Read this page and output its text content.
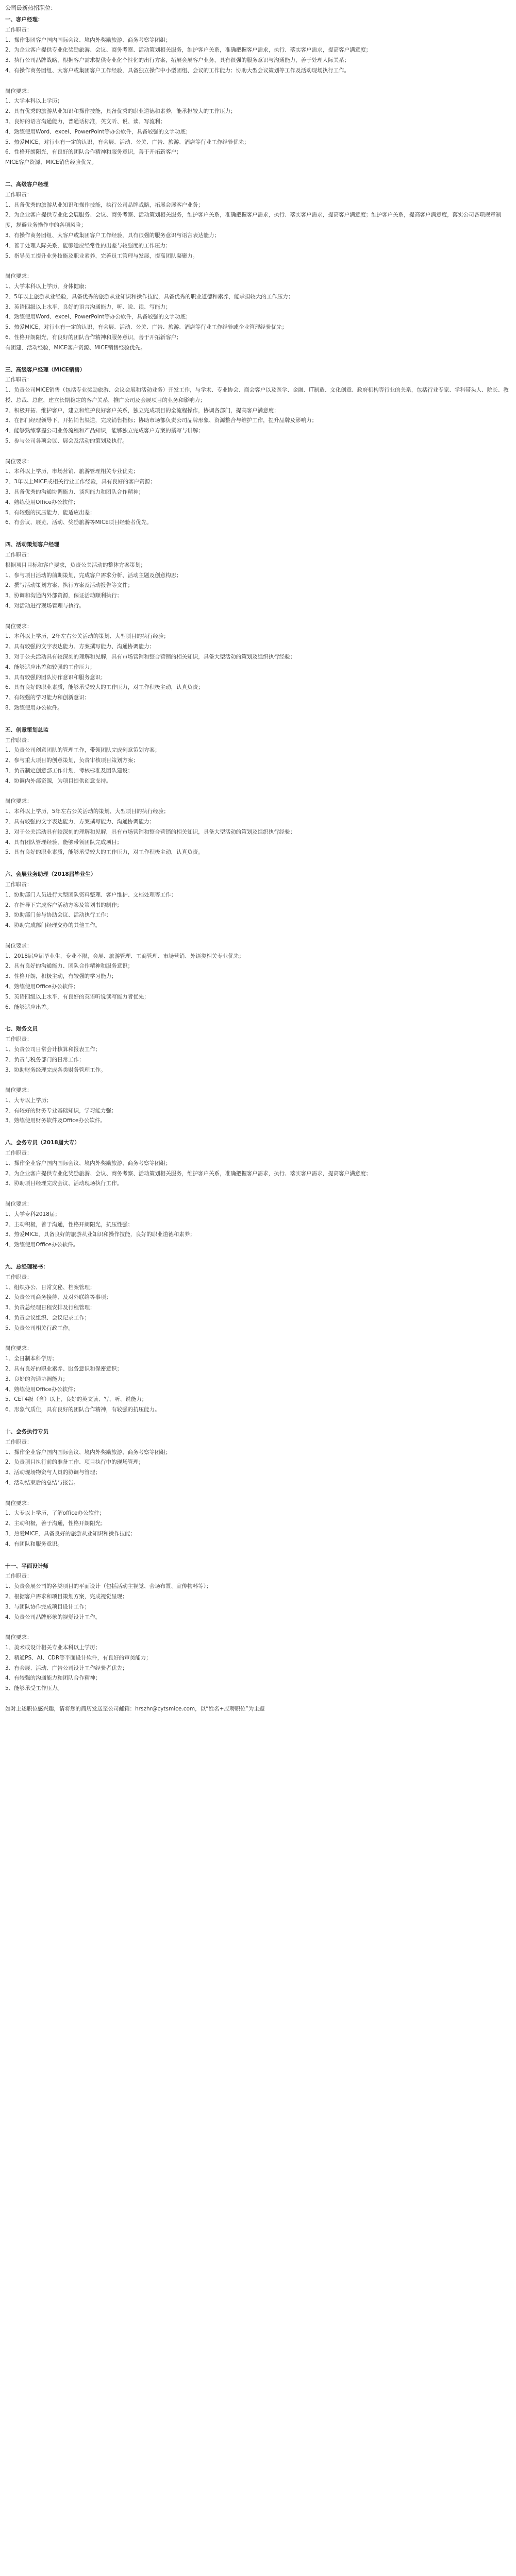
公司最新热招职位：
一、客户经理：
工作职责：
1、操作集团客户国内国际会议、境内外奖励旅游、商务考察等团组；
2、为企业客户提供专业化奖励旅游、会议、商务考察、活动策划相关服务，维护客户关系，准确把握客户需求，执行、落实客户需求，提高客户满意度；
3、执行公司品牌战略，根据客户需求提供专业化个性化的出行方案，拓展会展客户业务，具有很强的服务意识与沟通能力，善于处理人际关系；
4、有操作商务团组、大客户或集团客户工作经验，具备独立操作中小型团组、会议的工作能力；协助大型会议策划等工作及活动现场执行工作。
岗位要求：
1、大学本科以上学历；
2、具有优秀的旅游从业知识和操作技能，具备优秀的职业道德和素养，能承担较大的工作压力；
3、良好的语言沟通能力，普通话标准，英文听、说、读、写流利；
4、熟练使用Word、excel、PowerPoint等办公软件，具备较强的文字功底；
5、热爱MICE，对行业有一定的认识，有会展、活动、公关、广告、旅游、酒店等行业工作经验优先；
6、性格开朗阳光，有良好的团队合作精神和服务意识，善于开拓新客户；
MICE客户资源、MICE销售经验优先。
二、高级客户经理
工作职责：
1、具备优秀的旅游从业知识和操作技能，执行公司品牌战略，拓展会展客户业务；
2、为企业客户提供专业化会展服务、会议、商务考察、活动策划相关服务，维护客户关系，准确把握客户需求，执行、落实客户需求，提高客户满意度；维护客户关系，提高客户满意度，落实公司各项规章制度，规避业务操作中的各项风险；
3、有操作商务团组、大客户或集团客户工作经验，具有很强的服务意识与语言表达能力；
4、善于处理人际关系，能够适应经常性的出差与较强度的工作压力；
5、指导员工提升业务技能及职业素养，完善员工管理与发展，提高团队凝聚力。
岗位要求：
1、大学本科以上学历，身体健康；
2、5年以上旅游从业经验，具备优秀的旅游从业知识和操作技能，具备优秀的职业道德和素养，能承担较大的工作压力；
3、英语四级以上水平，良好的语言沟通能力，听、说、读、写能力；
4、熟练使用Word、excel、PowerPoint等办公软件，具备较强的文字功底；
5、热爱MICE，对行业有一定的认识，有会展、活动、公关、广告、旅游、酒店等行业工作经验或企业管理经验优先；
6、性格开朗阳光，有良好的团队合作精神和服务意识，善于开拓新客户；
有团建、活动经验，MICE客户资源、MICE销售经验优先。
三、高级客户经理（MICE销售）
工作职责：
1、负责公司MICE销售（包括专业奖励旅游、会议会展和活动业务）开发工作，与学术、专业协会、商会客户以及医学、金融、IT制造、文化创意、政府机构等行业的关系，包括行业专家、学科带头人、院长、教授、总裁、总监，建立长期稳定的客户关系，推广公司及会展项目的业务和影响力；
2、积极开拓、维护客户，建立和维护良好客户关系，独立完成项目的全流程操作，协调各部门，提高客户满意度；
3、在部门经理领导下，开拓销售渠道，完成销售指标；协助市场部负责公司品牌形象、资源整合与维护工作，提升品牌及影响力；
4、能够熟练掌握公司业务流程和产品知识，能够独立完成客户方案的撰写与讲解；
5、参与公司各项会议、展会及活动的策划及执行。
岗位要求：
1、本科以上学历，市场营销、旅游管理相关专业优先；
2、3年以上MICE或相关行业工作经验，具有良好的客户资源；
3、具备优秀的沟通协调能力、谈判能力和团队合作精神；
4、熟练使用Office办公软件；
5、有较强的抗压能力，能适应出差；
6、有会议、展览、活动、奖励旅游等MICE项目经验者优先。
四、活动策划客户经理
工作职责：
根据项目目标和客户要求，负责公关活动的整体方案策划；
1、参与项目活动的前期策划，完成客户需求分析、活动主题及创意构思；
2、撰写活动策划方案、执行方案及活动报告等文件；
3、协调和沟通内外部资源，保证活动顺利执行；
4、对活动进行现场管理与执行。
岗位要求：
1、本科以上学历，2年左右公关活动的策划、大型项目的执行经验；
2、具有较强的文字表达能力、方案撰写能力、沟通协调能力；
3、对于公关活动具有较深刻的理解和见解，具有市场营销和整合营销的相关知识，具备大型活动的策划及组织执行经验；
4、能够适应出差和较强的工作压力；
5、具有较强的团队协作意识和服务意识；
6、具有良好的职业素质，能够承受较大的工作压力，对工作积极主动，认真负责；
7、有较强的学习能力和创新意识；
8、熟练使用办公软件。
五、创意策划总监
工作职责：
1、负责公司创意团队的管理工作，带领团队完成创意策划方案；
2、参与重大项目的创意策划，负责审核项目策划方案；
3、负责制定创意部工作计划、考核标准及团队建设；
4、协调内外部资源，为项目提供创意支持。
岗位要求：
1、本科以上学历，5年左右公关活动的策划、大型项目的执行经验；
2、具有较强的文字表达能力、方案撰写能力、沟通协调能力；
3、对于公关活动具有较深刻的理解和见解，具有市场营销和整合营销的相关知识，具备大型活动的策划及组织执行经验；
4、具有团队管理经验，能够带领团队完成项目；
5、具有良好的职业素质，能够承受较大的工作压力，对工作积极主动，认真负责。
六、会展业务助理（2018届毕业生）
工作职责：
1、协助部门人员进行大型团队资料整理、客户维护、文档处理等工作；
2、在指导下完成客户活动方案及策划书的制作；
3、协助部门参与协助会议、活动执行工作；
4、协助完成部门经理交办的其他工作。
岗位要求：
1、2018届应届毕业生，专业不限，会展、旅游管理、工商管理、市场营销、外语类相关专业优先；
2、具有良好的沟通能力、团队合作精神和服务意识；
3、性格开朗，积极主动，有较强的学习能力；
4、熟练使用Office办公软件；
5、英语四级以上水平，有良好的英语听说读写能力者优先；
6、能够适应出差。
七、财务文员
工作职责：
1、负责公司日常会计核算和报表工作；
2、负责与税务部门的日常工作；
3、协助财务经理完成各类财务管理工作。
岗位要求：
1、大专以上学历；
2、有较好的财务专业基础知识，学习能力强；
3、熟练使用财务软件及Office办公软件。
八、会务专员（2018届大专）
工作职责：
1、操作企业客户国内国际会议、境内外奖励旅游、商务考察等团组；
2、为企业客户提供专业化奖励旅游、会议、商务考察、活动策划相关服务，维护客户关系，准确把握客户需求，执行、落实客户需求，提高客户满意度；
3、协助项目经理完成会议、活动现场执行工作。
岗位要求：
1、大学专科2018届；
2、主动积极，善于沟通，性格开朗阳光，抗压性强；
3、热爱MICE，具备良好的旅游从业知识和操作技能，良好的职业道德和素养；
4、熟练使用Office办公软件。
九、总经理秘书：
工作职责：
1、组织办公、日常文秘、档案管理；
2、负责公司商务接待、及对外联络等事项；
3、负责总经理日程安排及行程管理；
4、负责会议组织、会议记录工作；
5、负责公司相关行政工作。
岗位要求：
1、全日制本科学历；
2、具有良好的职业素养、服务意识和保密意识；
3、良好的沟通协调能力；
4、熟练使用Office办公软件；
5、CET4级（含）以上，良好的英文读、写、听、说能力；
6、形象气质佳，具有良好的团队合作精神，有较强的抗压能力。
十、会务执行专员
工作职责：
1、操作企业客户国内国际会议、境内外奖励旅游、商务考察等团组；
2、负责项目执行前的准备工作、项目执行中的现场管理；
3、活动现场物资与人员的协调与管理；
4、活动结束后的总结与报告。
岗位要求：
1、大专以上学历，了解office办公软件；
2、主动积极，善于沟通，性格开朗阳光；
3、热爱MICE，具备良好的旅游从业知识和操作技能；
4、有团队和服务意识。
十一、平面设计师
工作职责：
1、负责会展公司的各类项目的平面设计（包括活动主视觉、会场布置、宣传物料等）；
2、根据客户需求和项目策划方案，完成视觉呈现；
3、与团队协作完成项目设计工作；
4、负责公司品牌形象的视觉设计工作。
岗位要求：
1、美术或设计相关专业本科以上学历；
2、精通PS、AI、CDR等平面设计软件，有良好的审美能力；
3、有会展、活动、广告公司设计工作经验者优先；
4、有较强的沟通能力和团队合作精神；
5、能够承受工作压力。
如对上述职位感兴趣，请将您的简历发送至公司邮箱：hrszhr@cytsmice.com，以“姓名+应聘职位”为主题
